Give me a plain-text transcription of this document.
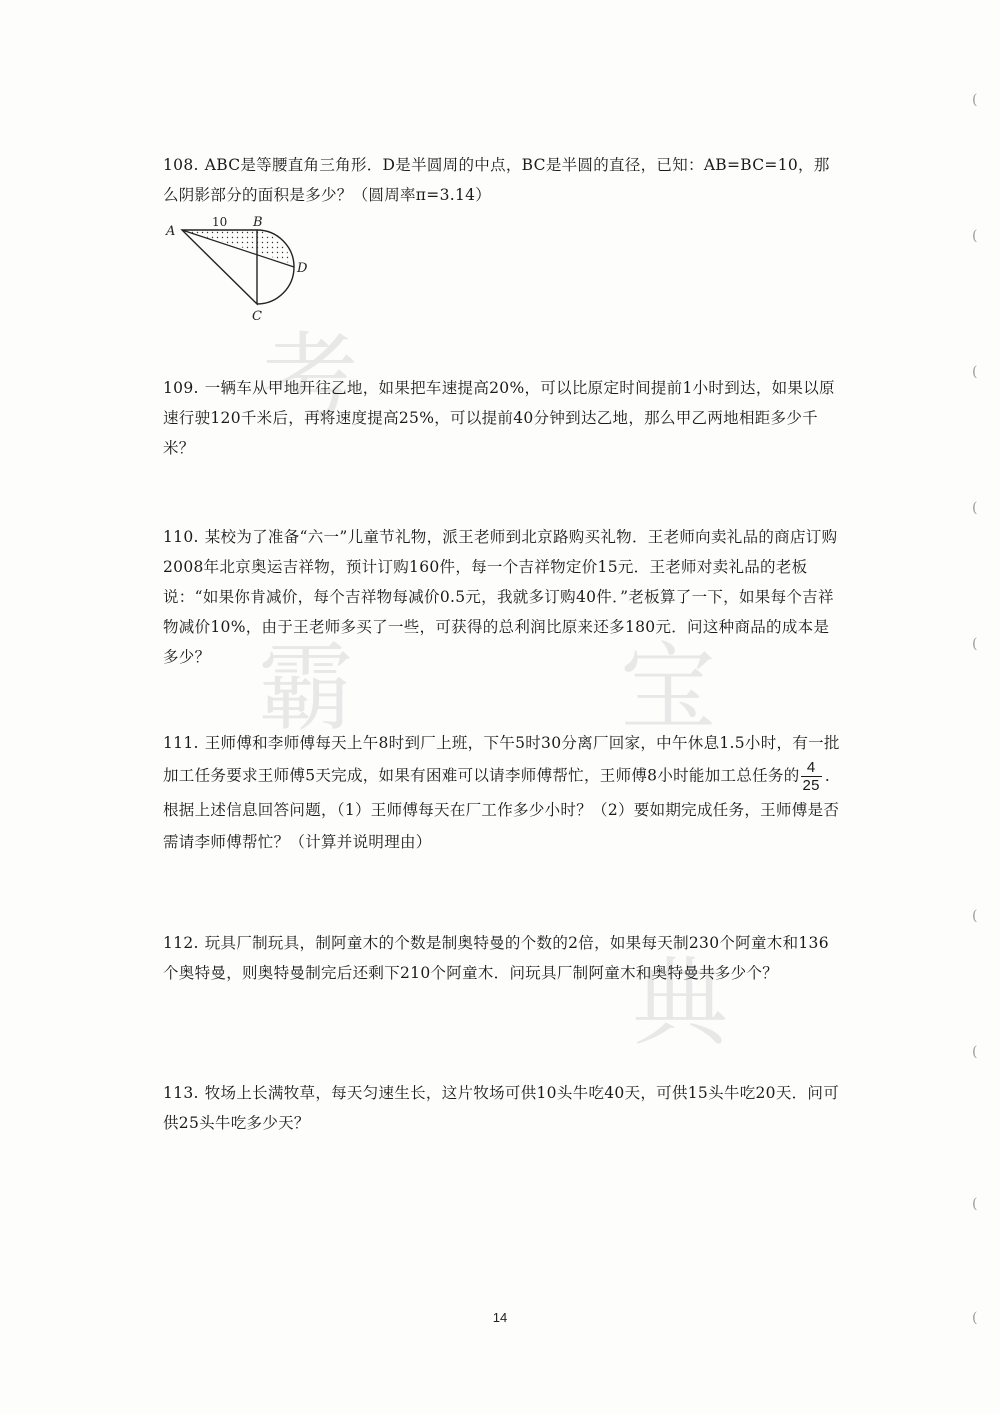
考
霸	宝
典

108. ABC是等腰直角三角形．D是半圆周的中点，BC是半圆的直径，已知：AB=BC=10，那么阴影部分的面积是多少？（圆周率π=3.14）

A
10 B
D
C

109. 一辆车从甲地开往乙地，如果把车速提高20%，可以比原定时间提前1小时到达，如果以原速行驶120千米后，再将速度提高25%，可以提前40分钟到达乙地，那么甲乙两地相距多少千米？

110. 某校为了准备“六一”儿童节礼物，派王老师到北京路购买礼物．王老师向卖礼品的商店订购2008年北京奥运吉祥物，预计订购160件，每一个吉祥物定价15元．王老师对卖礼品的老板说：“如果你肯减价，每个吉祥物每减价0.5元，我就多订购40件．”老板算了一下，如果每个吉祥物减价10%，由于王老师多买了一些，可获得的总利润比原来还多180元．问这种商品的成本是多少？

111. 王师傅和李师傅每天上午8时到厂上班，下午5时30分离厂回家，中午休息1.5小时，有一批加工任务要求王师傅5天完成，如果有困难可以请李师傅帮忙，王师傅8小时能加工总任务的 $\frac{4}{25}$ ．根据上述信息回答问题，（1）王师傅每天在厂工作多少小时？（2）要如期完成任务，王师傅是否需请李师傅帮忙？（计算并说明理由）

112. 玩具厂制玩具，制阿童木的个数是制奥特曼的个数的2倍，如果每天制230个阿童木和136个奥特曼，则奥特曼制完后还剩下210个阿童木．问玩具厂制阿童木和奥特曼共多少个？

113. 牧场上长满牧草，每天匀速生长，这片牧场可供10头牛吃40天，可供15头牛吃20天．问可供25头牛吃多少天？

(
(
(
(
(
(
(
(
(
14
